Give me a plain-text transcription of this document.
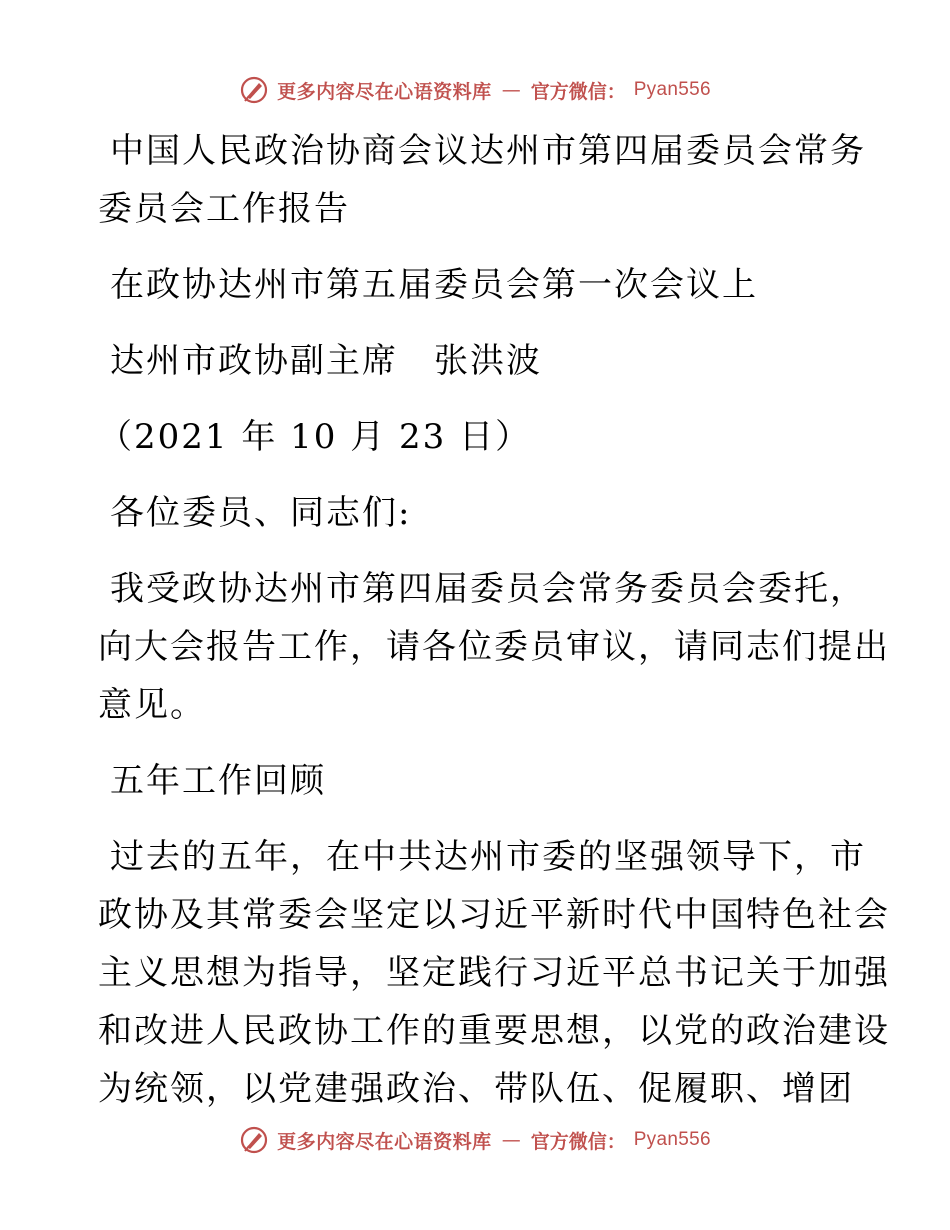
更多内容尽在心语资料库 — 官方微信： Pyan556
中国人民政治协商会议达州市第四届委员会常务
委员会工作报告
在政协达州市第五届委员会第一次会议上
达州市政协副主席　张洪波
（2021 年 10 月 23 日）
各位委员、同志们:
我受政协达州市第四届委员会常务委员会委托，
向大会报告工作，请各位委员审议，请同志们提出
意见。
五年工作回顾
过去的五年，在中共达州市委的坚强领导下，市
政协及其常委会坚定以习近平新时代中国特色社会
主义思想为指导，坚定践行习近平总书记关于加强
和改进人民政协工作的重要思想，以党的政治建设
为统领，以党建强政治、带队伍、促履职、增团
更多内容尽在心语资料库 — 官方微信： Pyan556
